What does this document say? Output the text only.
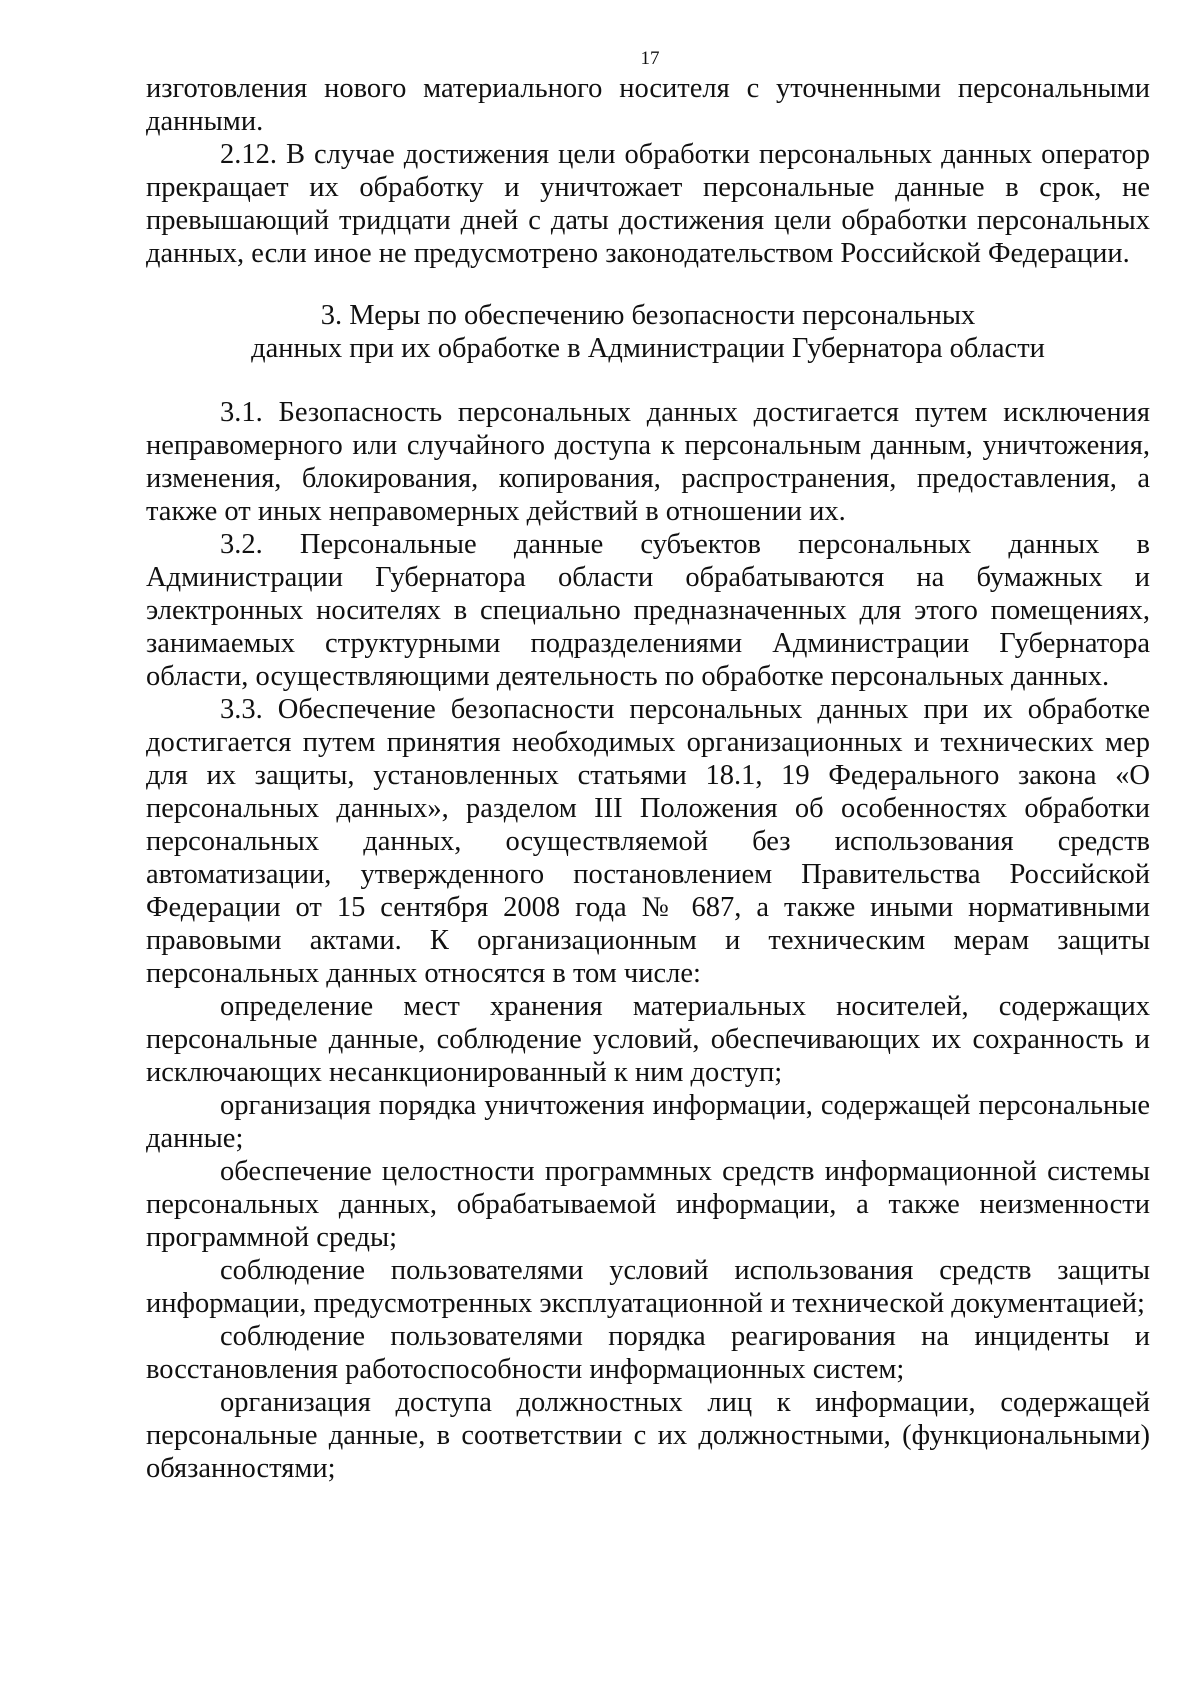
17

изготовления нового материального носителя с уточненными персональными данными.

2.12. В случае достижения цели обработки персональных данных оператор прекращает их обработку и уничтожает персональные данные в срок, не превышающий тридцати дней с даты достижения цели обработки персональных данных, если иное не предусмотрено законодательством Российской Федерации.

3. Меры по обеспечению безопасности персональных
данных при их обработке в Администрации Губернатора области

3.1. Безопасность персональных данных достигается путем исключения неправомерного или случайного доступа к персональным данным, уничтожения, изменения, блокирования, копирования, распространения, предоставления, а также от иных неправомерных действий в отношении их.

3.2. Персональные данные субъектов персональных данных в Администрации Губернатора области обрабатываются на бумажных и электронных носителях в специально предназначенных для этого помещениях, занимаемых структурными подразделениями Администрации Губернатора области, осуществляющими деятельность по обработке персональных данных.

3.3. Обеспечение безопасности персональных данных при их обработке достигается путем принятия необходимых организационных и технических мер для их защиты, установленных статьями 18.1, 19 Федерального закона «О персональных данных», разделом III Положения об особенностях обработки персональных данных, осуществляемой без использования средств автоматизации, утвержденного постановлением Правительства Российской Федерации от 15 сентября 2008 года № 687, а также иными нормативными правовыми актами. К организационным и техническим мерам защиты персональных данных относятся в том числе:

определение мест хранения материальных носителей, содержащих персональные данные, соблюдение условий, обеспечивающих их сохранность и исключающих несанкционированный к ним доступ;

организация порядка уничтожения информации, содержащей персональные данные;

обеспечение целостности программных средств информационной системы персональных данных, обрабатываемой информации, а также неизменности программной среды;

соблюдение пользователями условий использования средств защиты информации, предусмотренных эксплуатационной и технической документацией;

соблюдение пользователями порядка реагирования на инциденты и восстановления работоспособности информационных систем;

организация доступа должностных лиц к информации, содержащей персональные данные, в соответствии с их должностными, (функциональными) обязанностями;
